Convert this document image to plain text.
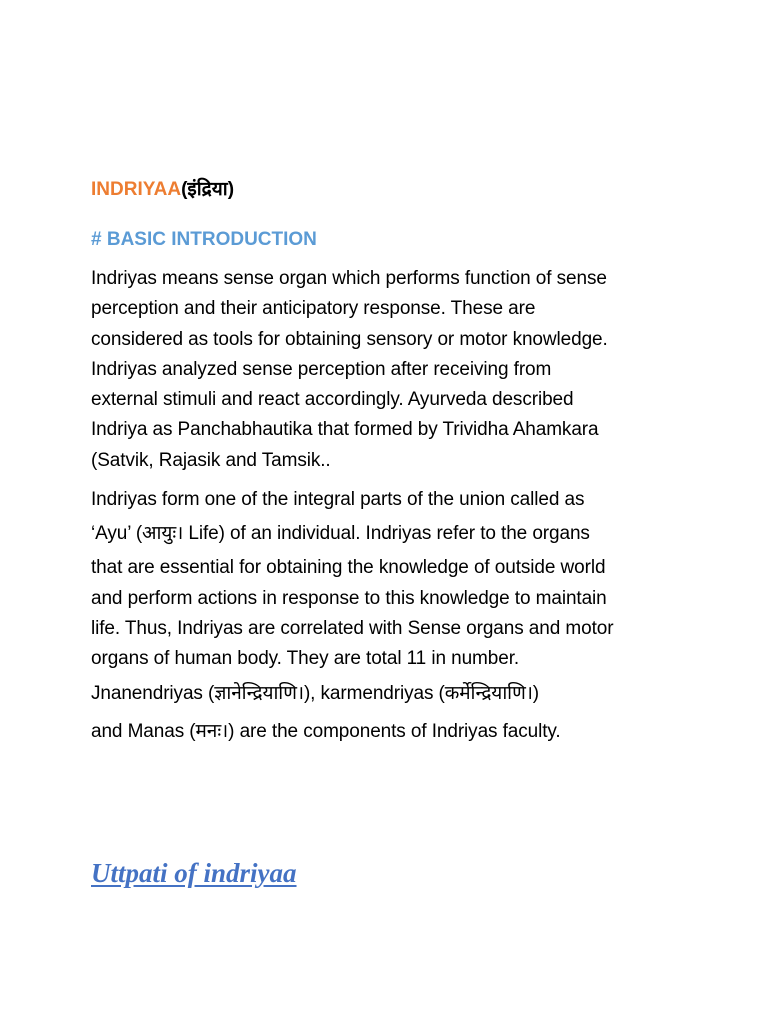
INDRIYAA(इंद्रिया)
# BASIC INTRODUCTION

Indriyas means sense organ which performs function of sense
perception and their anticipatory response. These are
considered as tools for obtaining sensory or motor knowledge.
Indriyas analyzed sense perception after receiving from
external stimuli and react accordingly. Ayurveda described
Indriya as Panchabhautika that formed by Trividha Ahamkara
(Satvik, Rajasik and Tamsik..

Indriyas form one of the integral parts of the union called as
‘Ayu’ (आयुः। Life) of an individual. Indriyas refer to the organs
that are essential for obtaining the knowledge of outside world
and perform actions in response to this knowledge to maintain
life. Thus, Indriyas are correlated with Sense organs and motor
organs of human body. They are total 11 in number.
Jnanendriyas (ज्ञानेन्द्रियाणि।), karmendriyas (कर्मेन्द्रियाणि।)
and Manas (मनः।) are the components of Indriyas faculty.

Uttpati of indriyaa
